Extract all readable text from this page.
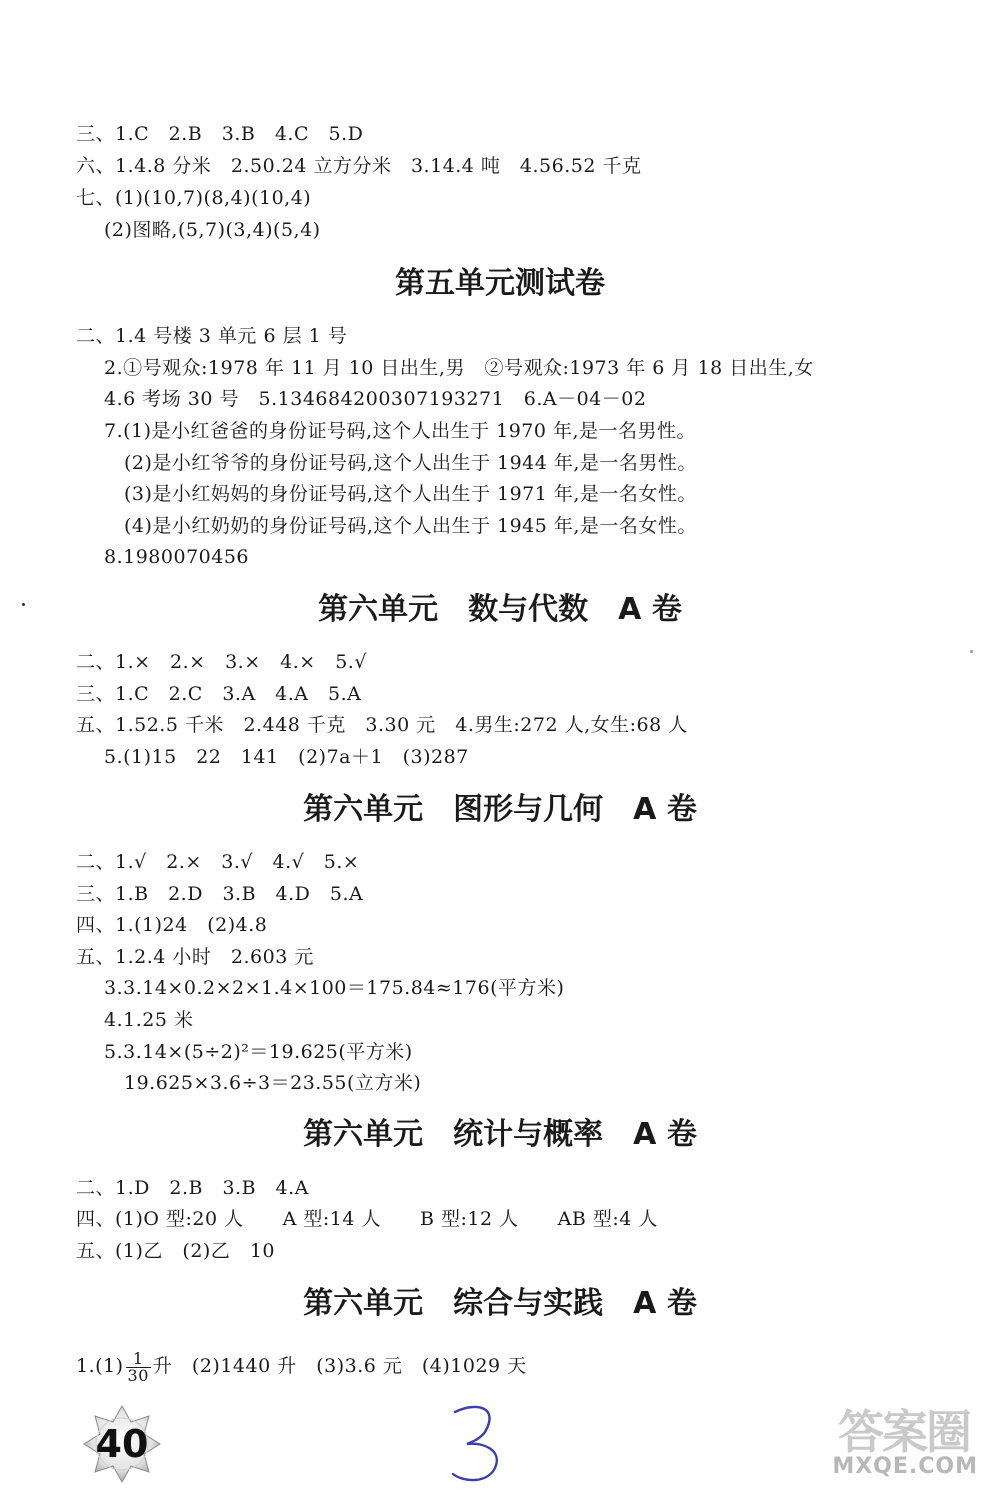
三、1.C　2.B　3.B　4.C　5.D
六、1.4.8 分米　2.50.24 立方分米　3.14.4 吨　4.56.52 千克
七、(1)(10,7)(8,4)(10,4)
(2)图略,(5,7)(3,4)(5,4)
第五单元测试卷
二、1.4 号楼 3 单元 6 层 1 号
2.①号观众:1978 年 11 月 10 日出生,男　②号观众:1973 年 6 月 18 日出生,女
4.6 考场 30 号　5.134684200307193271　6.A－04－02
7.(1)是小红爸爸的身份证号码,这个人出生于 1970 年,是一名男性。
(2)是小红爷爷的身份证号码,这个人出生于 1944 年,是一名男性。
(3)是小红妈妈的身份证号码,这个人出生于 1971 年,是一名女性。
(4)是小红奶奶的身份证号码,这个人出生于 1945 年,是一名女性。
8.1980070456
第六单元　数与代数　A 卷
二、1.×　2.×　3.×　4.×　5.√
三、1.C　2.C　3.A　4.A　5.A
五、1.52.5 千米　2.448 千克　3.30 元　4.男生:272 人,女生:68 人
5.(1)15　22　141　(2)7a＋1　(3)287
第六单元　图形与几何　A 卷
二、1.√　2.×　3.√　4.√　5.×
三、1.B　2.D　3.B　4.D　5.A
四、1.(1)24　(2)4.8
五、1.2.4 小时　2.603 元
3.3.14×0.2×2×1.4×100＝175.84≈176(平方米)
4.1.25 米
5.3.14×(5÷2)²＝19.625(平方米)
19.625×3.6÷3＝23.55(立方米)
第六单元　统计与概率　A 卷
二、1.D　2.B　3.B　4.A
四、(1)O 型:20 人　　A 型:14 人　　B 型:12 人　　AB 型:4 人
五、(1)乙　(2)乙　10
第六单元　综合与实践　A 卷
$1.(1) \frac{1}{30}$ 升　(2)1440 升　(3)3.6 元　(4)1029 天
40	答案圈
MXQE.COM
